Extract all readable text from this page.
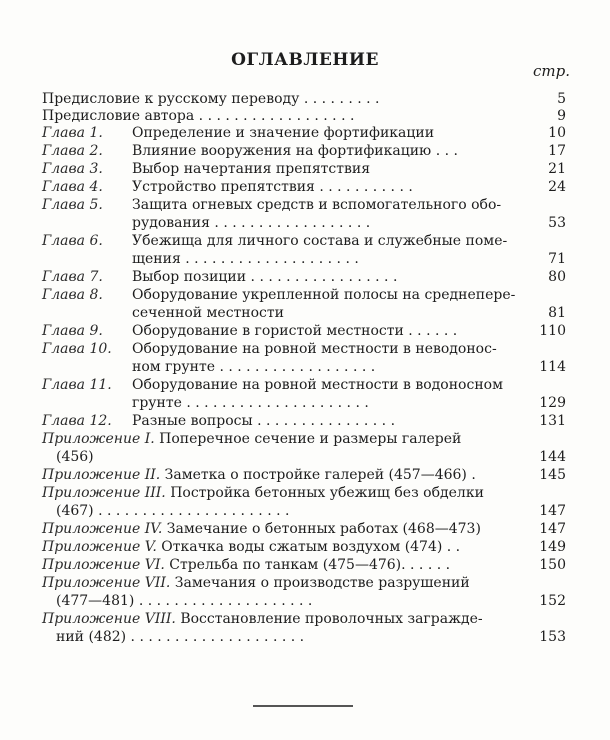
ОГЛАВЛЕНИЕ
стр.
Предисловие к русскому переводу . . . . . . . . .	5
Предисловие автора . . . . . . . . . . . . . . . . . .	9
Глава 1. Определение и значение фортификации	10
Глава 2. Влияние вооружения на фортификацию . . .	17
Глава 3. Выбор начертания препятствия	21
Глава 4. Устройство препятствия . . . . . . . . . . .	24
Глава 5. Защита огневых средств и вспомогательного обо-
рудования . . . . . . . . . . . . . . . . . .	53
Глава 6. Убежища для личного состава и служебные поме-
щения . . . . . . . . . . . . . . . . . . . .	71
Глава 7. Выбор позиции . . . . . . . . . . . . . . . . .	80
Глава 8. Оборудование укрепленной полосы на среднепере-
сеченной местности	81
Глава 9. Оборудование в гористой местности . . . . . .	110
Глава 10. Оборудование на ровной местности в неводонос-
ном грунте . . . . . . . . . . . . . . . . . .	114
Глава 11. Оборудование на ровной местности в водоносном
грунте . . . . . . . . . . . . . . . . . . . . .	129
Глава 12. Разные вопросы . . . . . . . . . . . . . . . .	131
Приложение I. Поперечное сечение и размеры галерей
(456)	144
Приложение II. Заметка о постройке галерей (457—466) .	145
Приложение III. Постройка бетонных убежищ без обделки
(467) . . . . . . . . . . . . . . . . . . . . . .	147
Приложение IV. Замечание о бетонных работах (468—473)	147
Приложение V. Откачка воды сжатым воздухом (474) . .	149
Приложение VI. Стрельба по танкам (475—476). . . . . .	150
Приложение VII. Замечания о производстве разрушений
(477—481) . . . . . . . . . . . . . . . . . . . .	152
Приложение VIII. Восстановление проволочных загражде-
ний (482) . . . . . . . . . . . . . . . . . . . .	153
